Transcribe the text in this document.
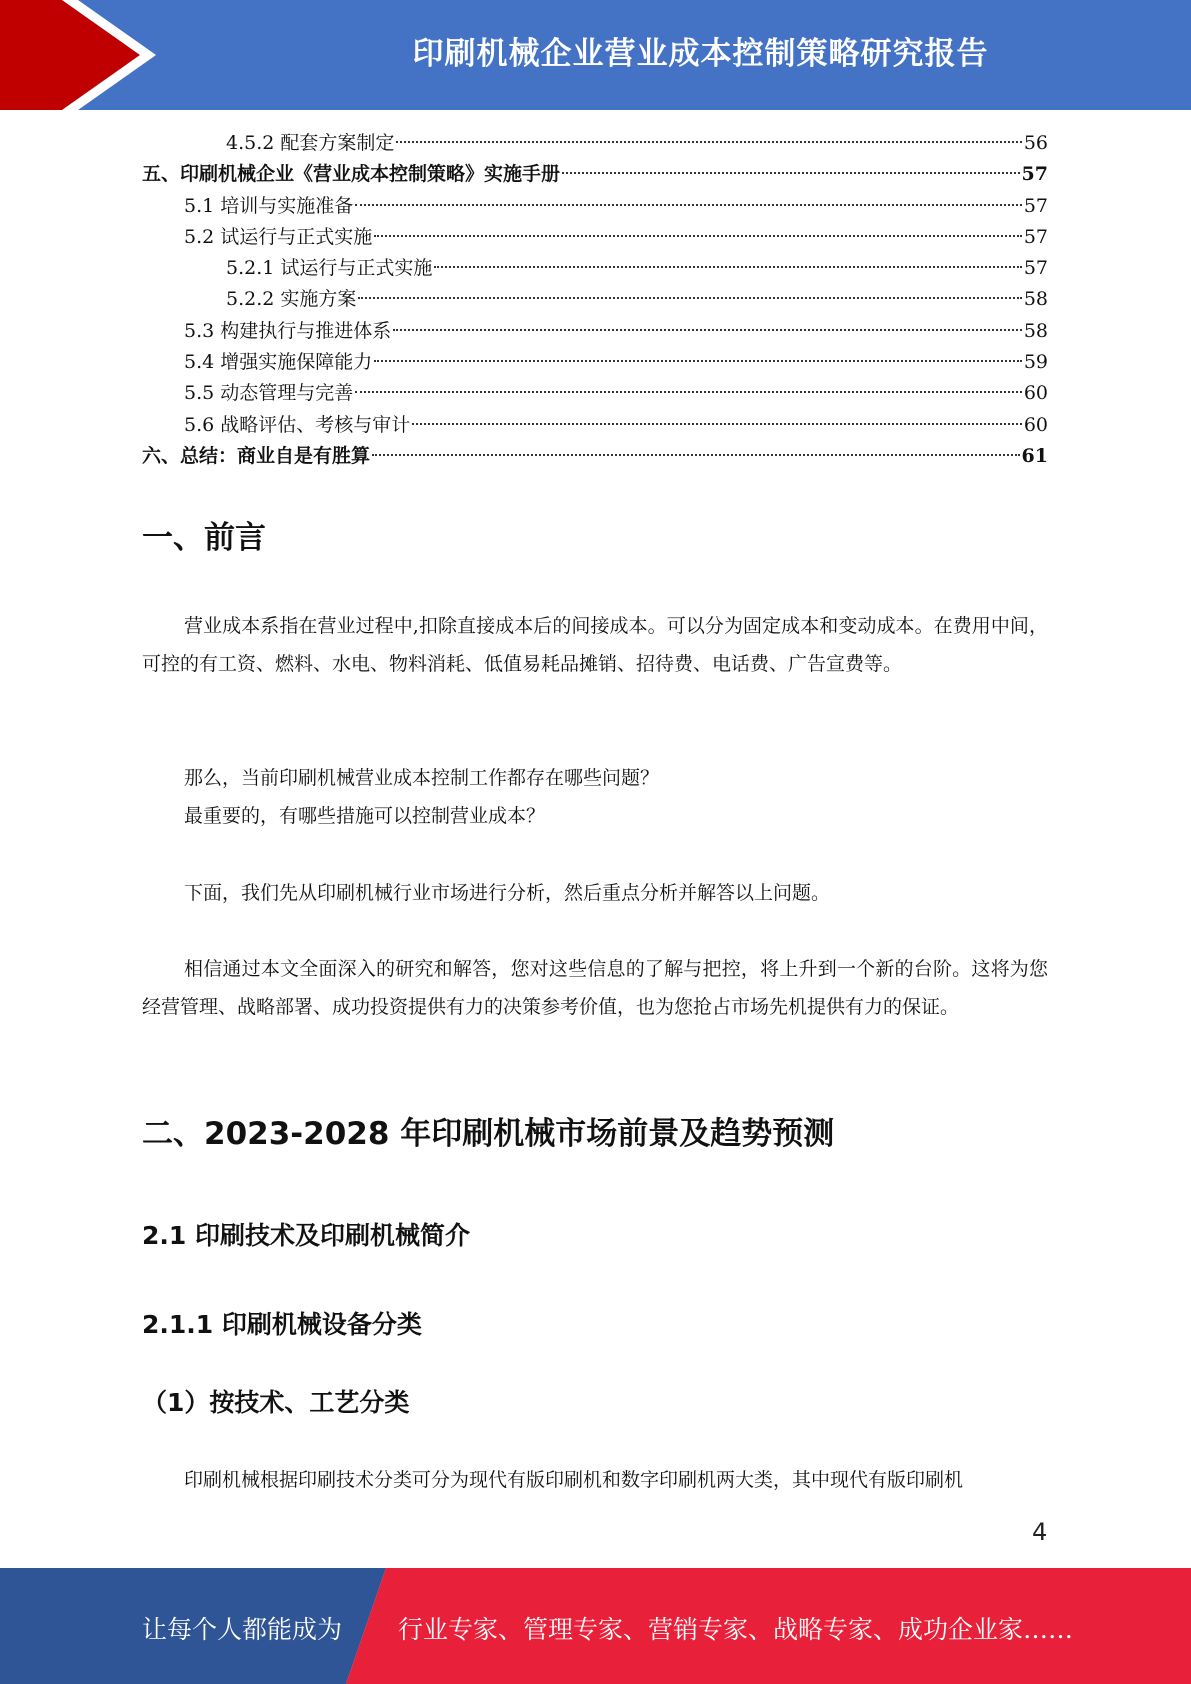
印刷机械企业营业成本控制策略研究报告
4.5.2 配套方案制定	56
五、印刷机械企业《营业成本控制策略》实施手册	57
5.1 培训与实施准备	57
5.2 试运行与正式实施	57
5.2.1 试运行与正式实施	57
5.2.2 实施方案	58
5.3 构建执行与推进体系	58
5.4 增强实施保障能力	59
5.5 动态管理与完善	60
5.6 战略评估、考核与审计	60
六、总结：商业自是有胜算	61
一、前言

营业成本系指在营业过程中,扣除直接成本后的间接成本。可以分为固定成本和变动成本。在费用中间，可控的有工资、燃料、水电、物料消耗、低值易耗品摊销、招待费、电话费、广告宣费等。

那么，当前印刷机械营业成本控制工作都存在哪些问题？
最重要的，有哪些措施可以控制营业成本？

下面，我们先从印刷机械行业市场进行分析，然后重点分析并解答以上问题。

相信通过本文全面深入的研究和解答，您对这些信息的了解与把控，将上升到一个新的台阶。这将为您经营管理、战略部署、成功投资提供有力的决策参考价值，也为您抢占市场先机提供有力的保证。

二、2023-2028 年印刷机械市场前景及趋势预测
2.1 印刷技术及印刷机械简介
2.1.1 印刷机械设备分类
（1）按技术、工艺分类
印刷机械根据印刷技术分类可分为现代有版印刷机和数字印刷机两大类，其中现代有版印刷机
4
让每个人都能成为 行业专家、管理专家、营销专家、战略专家、成功企业家……
